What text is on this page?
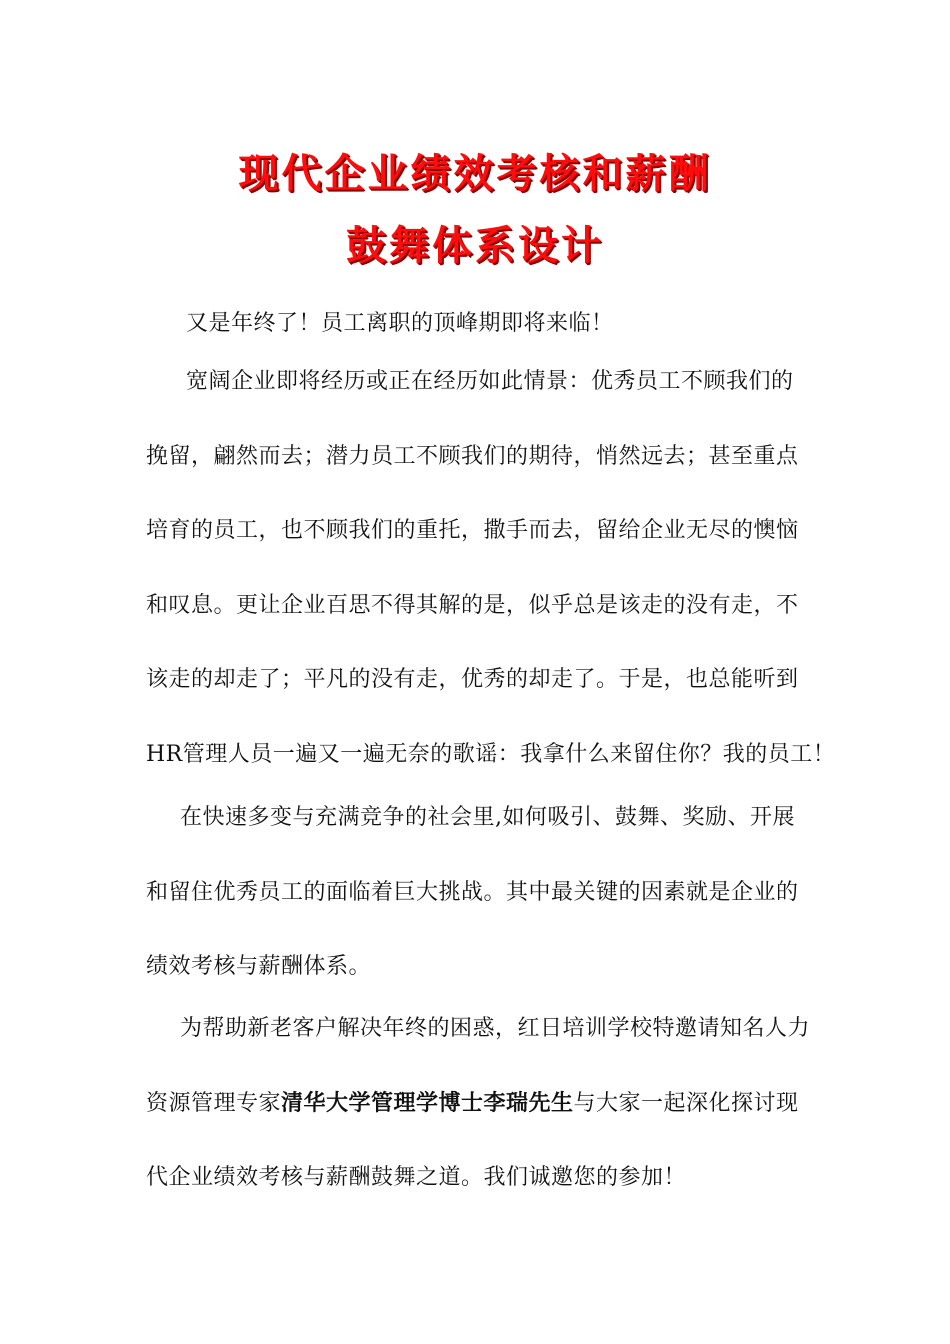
现代企业绩效考核和薪酬
鼓舞体系设计
又是年终了！员工离职的顶峰期即将来临！
宽阔企业即将经历或正在经历如此情景：优秀员工不顾我们的
挽留，翩然而去；潜力员工不顾我们的期待，悄然远去；甚至重点
培育的员工，也不顾我们的重托，撒手而去，留给企业无尽的懊恼
和叹息。更让企业百思不得其解的是，似乎总是该走的没有走，不
该走的却走了；平凡的没有走，优秀的却走了。于是，也总能听到
HR管理人员一遍又一遍无奈的歌谣：我拿什么来留住你？我的员工！
在快速多变与充满竞争的社会里,如何吸引、鼓舞、奖励、开展
和留住优秀员工的面临着巨大挑战。其中最关键的因素就是企业的
绩效考核与薪酬体系。
为帮助新老客户解决年终的困惑，红日培训学校特邀请知名人力
资源管理专家清华大学管理学博士李瑞先生与大家一起深化探讨现
代企业绩效考核与薪酬鼓舞之道。我们诚邀您的参加！
